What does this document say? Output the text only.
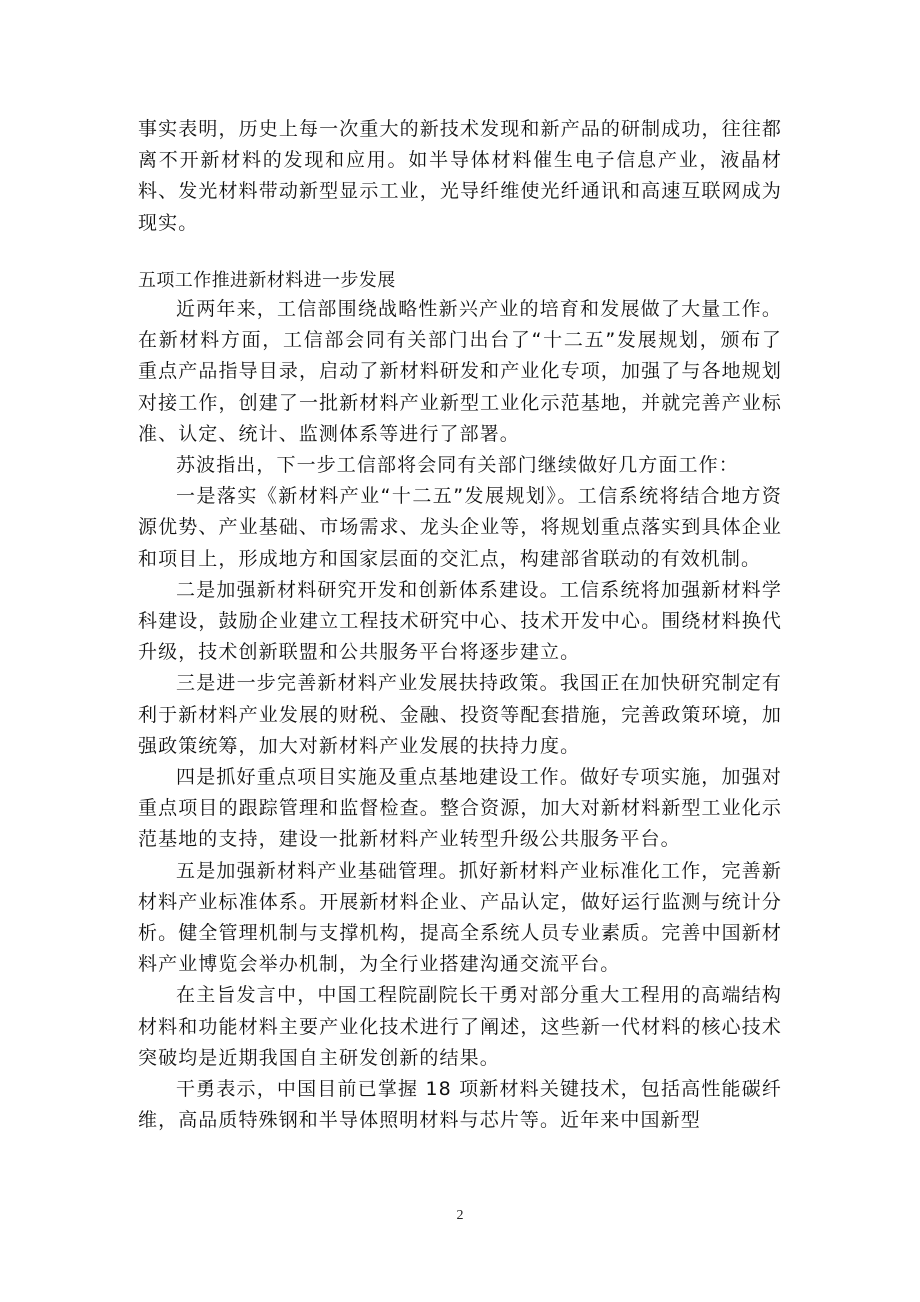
事实表明，历史上每一次重大的新技术发现和新产品的研制成功，往往都离不开新材料的发现和应用。如半导体材料催生电子信息产业，液晶材料、发光材料带动新型显示工业，光导纤维使光纤通讯和高速互联网成为现实。

五项工作推进新材料进一步发展

近两年来，工信部围绕战略性新兴产业的培育和发展做了大量工作。在新材料方面，工信部会同有关部门出台了“十二五”发展规划，颁布了重点产品指导目录，启动了新材料研发和产业化专项，加强了与各地规划对接工作，创建了一批新材料产业新型工业化示范基地，并就完善产业标准、认定、统计、监测体系等进行了部署。

苏波指出，下一步工信部将会同有关部门继续做好几方面工作：

一是落实《新材料产业“十二五”发展规划》。工信系统将结合地方资源优势、产业基础、市场需求、龙头企业等，将规划重点落实到具体企业和项目上，形成地方和国家层面的交汇点，构建部省联动的有效机制。

二是加强新材料研究开发和创新体系建设。工信系统将加强新材料学科建设，鼓励企业建立工程技术研究中心、技术开发中心。围绕材料换代升级，技术创新联盟和公共服务平台将逐步建立。

三是进一步完善新材料产业发展扶持政策。我国正在加快研究制定有利于新材料产业发展的财税、金融、投资等配套措施，完善政策环境，加强政策统筹，加大对新材料产业发展的扶持力度。

四是抓好重点项目实施及重点基地建设工作。做好专项实施，加强对重点项目的跟踪管理和监督检查。整合资源，加大对新材料新型工业化示范基地的支持，建设一批新材料产业转型升级公共服务平台。

五是加强新材料产业基础管理。抓好新材料产业标准化工作，完善新材料产业标准体系。开展新材料企业、产品认定，做好运行监测与统计分析。健全管理机制与支撑机构，提高全系统人员专业素质。完善中国新材料产业博览会举办机制，为全行业搭建沟通交流平台。

在主旨发言中，中国工程院副院长干勇对部分重大工程用的高端结构材料和功能材料主要产业化技术进行了阐述，这些新一代材料的核心技术突破均是近期我国自主研发创新的结果。

干勇表示，中国目前已掌握 18 项新材料关键技术，包括高性能碳纤维，高品质特殊钢和半导体照明材料与芯片等。近年来中国新型

2
